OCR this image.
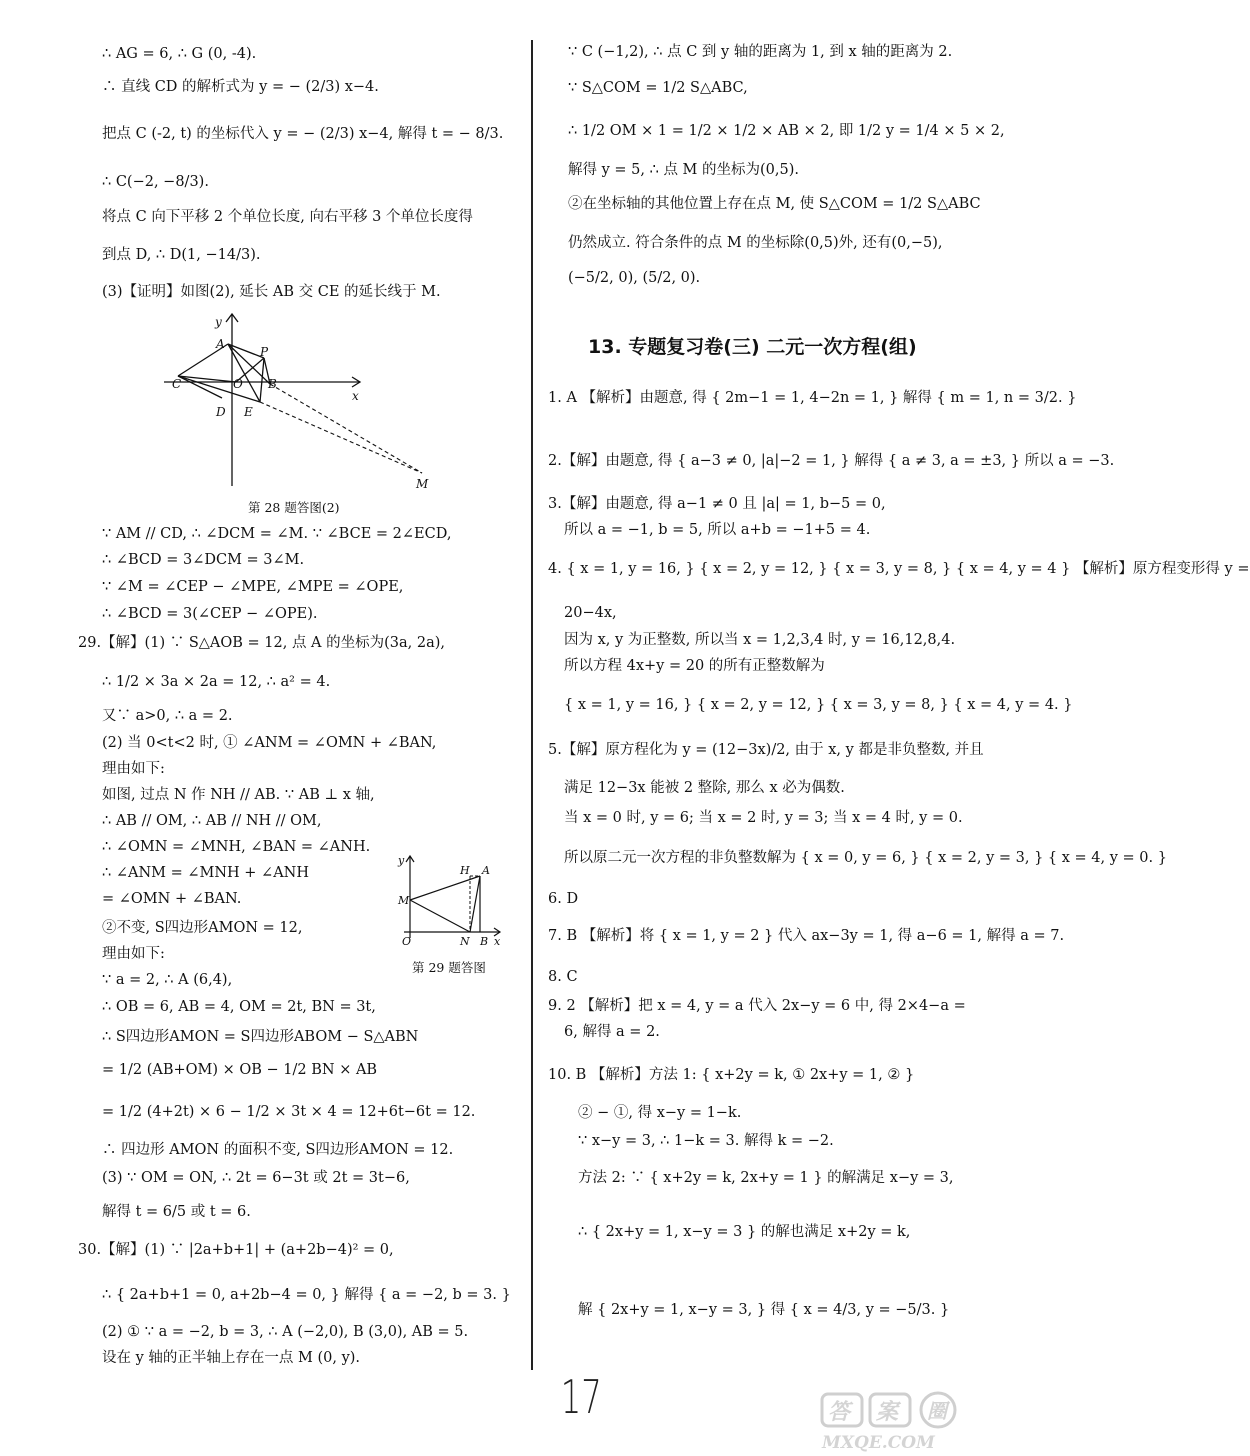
∴ AG = 6, ∴ G (0, -4).
∴ 直线 CD 的解析式为 y = − (2/3) x−4.
把点 C (-2, t) 的坐标代入 y = − (2/3) x−4, 解得 t = − 8/3.
∴ C(−2, −8/3).
将点 C 向下平移 2 个单位长度, 向右平移 3 个单位长度得
到点 D, ∴ D(1, −14/3).
(3)【证明】如图(2), 延长 AB 交 CE 的延长线于 M.
y
x
A
P
C	O B
D E
M
第 28 题答图(2)
∵ AM // CD, ∴ ∠DCM = ∠M. ∵ ∠BCE = 2∠ECD,
∴ ∠BCD = 3∠DCM = 3∠M.
∵ ∠M = ∠CEP − ∠MPE, ∠MPE = ∠OPE,
∴ ∠BCD = 3(∠CEP − ∠OPE).
29.【解】(1) ∵ S△AOB = 12, 点 A 的坐标为(3a, 2a),
∴ 1/2 × 3a × 2a = 12, ∴ a² = 4.
又∵ a>0, ∴ a = 2.
(2) 当 0<t<2 时, ① ∠ANM = ∠OMN + ∠BAN,
理由如下:
如图, 过点 N 作 NH // AB. ∵ AB ⊥ x 轴,
∴ AB // OM, ∴ AB // NH // OM,
∴ ∠OMN = ∠MNH, ∠BAN = ∠ANH.
∴ ∠ANM = ∠MNH + ∠ANH
= ∠OMN + ∠BAN.
②不变, S四边形AMON = 12,
理由如下:
∵ a = 2, ∴ A (6,4),
∴ OB = 6, AB = 4, OM = 2t, BN = 3t,
∴ S四边形AMON = S四边形ABOM − S△ABN
= 1/2 (AB+OM) × OB − 1/2 BN × AB
= 1/2 (4+2t) × 6 − 1/2 × 3t × 4 = 12+6t−6t = 12.
∴ 四边形 AMON 的面积不变, S四边形AMON = 12.
(3) ∵ OM = ON, ∴ 2t = 6−3t 或 2t = 3t−6,
解得 t = 6/5 或 t = 6.
30.【解】(1) ∵ |2a+b+1| + (a+2b−4)² = 0,
∴ { 2a+b+1 = 0, a+2b−4 = 0, } 解得 { a = −2, b = 3. }
(2) ① ∵ a = −2, b = 3, ∴ A (−2,0), B (3,0), AB = 5.
设在 y 轴的正半轴上存在一点 M (0, y).
y
x
H A
M
O	N B
第 29 题答图
∵ C (−1,2), ∴ 点 C 到 y 轴的距离为 1, 到 x 轴的距离为 2.
∵ S△COM = 1/2 S△ABC,
∴ 1/2 OM × 1 = 1/2 × 1/2 × AB × 2, 即 1/2 y = 1/4 × 5 × 2,
解得 y = 5, ∴ 点 M 的坐标为(0,5).
②在坐标轴的其他位置上存在点 M, 使 S△COM = 1/2 S△ABC
仍然成立. 符合条件的点 M 的坐标除(0,5)外, 还有(0,−5),
(−5/2, 0), (5/2, 0).
13. 专题复习卷(三) 二元一次方程(组)
1. A 【解析】由题意, 得 { 2m−1 = 1, 4−2n = 1, } 解得 { m = 1, n = 3/2. }
2.【解】由题意, 得 { a−3 ≠ 0, |a|−2 = 1, } 解得 { a ≠ 3, a = ±3, } 所以 a = −3.
3.【解】由题意, 得 a−1 ≠ 0 且 |a| = 1, b−5 = 0,
所以 a = −1, b = 5, 所以 a+b = −1+5 = 4.
4. { x = 1, y = 16, } { x = 2, y = 12, } { x = 3, y = 8, } { x = 4, y = 4 } 【解析】原方程变形得 y =
20−4x,
因为 x, y 为正整数, 所以当 x = 1,2,3,4 时, y = 16,12,8,4.
所以方程 4x+y = 20 的所有正整数解为
{ x = 1, y = 16, } { x = 2, y = 12, } { x = 3, y = 8, } { x = 4, y = 4. }
5.【解】原方程化为 y = (12−3x)/2, 由于 x, y 都是非负整数, 并且
满足 12−3x 能被 2 整除, 那么 x 必为偶数.
当 x = 0 时, y = 6; 当 x = 2 时, y = 3; 当 x = 4 时, y = 0.
所以原二元一次方程的非负整数解为 { x = 0, y = 6, } { x = 2, y = 3, } { x = 4, y = 0. }
6. D
7. B 【解析】将 { x = 1, y = 2 } 代入 ax−3y = 1, 得 a−6 = 1, 解得 a = 7.
8. C
9. 2 【解析】把 x = 4, y = a 代入 2x−y = 6 中, 得 2×4−a =
6, 解得 a = 2.
10. B 【解析】方法 1: { x+2y = k, ① 2x+y = 1, ② }
② − ①, 得 x−y = 1−k.
∵ x−y = 3, ∴ 1−k = 3. 解得 k = −2.
方法 2: ∵ { x+2y = k, 2x+y = 1 } 的解满足 x−y = 3,
∴ { 2x+y = 1, x−y = 3 } 的解也满足 x+2y = k,
解 { 2x+y = 1, x−y = 3, } 得 { x = 4/3, y = −5/3. }
17	答 案 圈
MXQE.COM
